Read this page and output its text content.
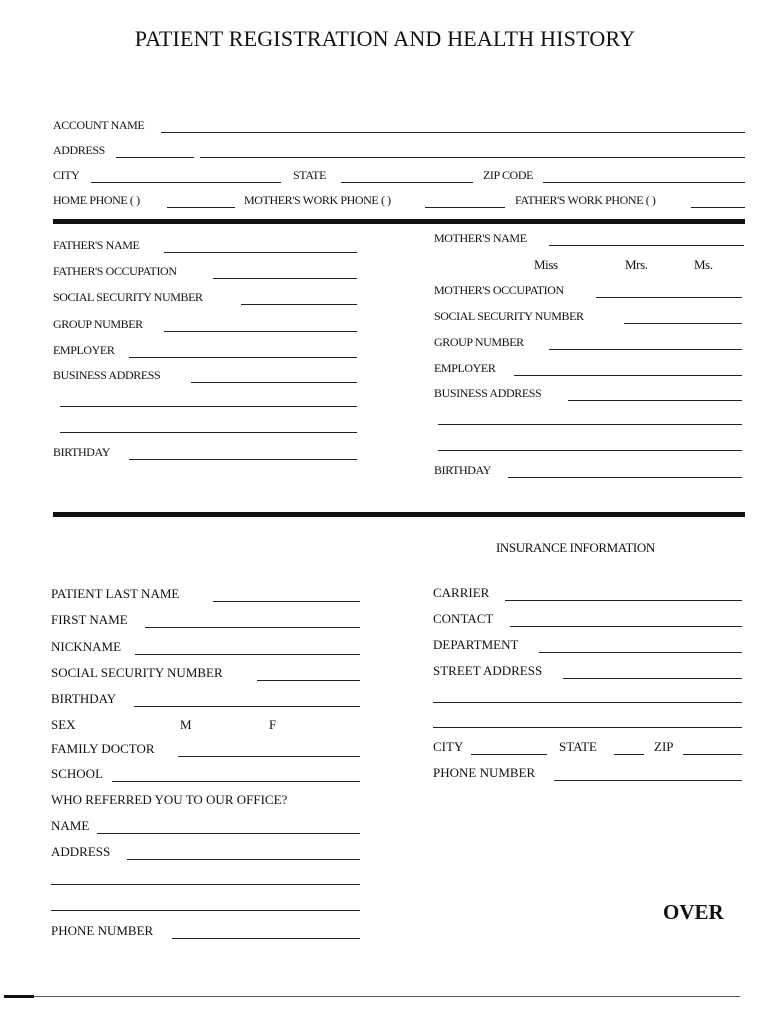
PATIENT REGISTRATION AND HEALTH HISTORY
ACCOUNT NAME
ADDRESS
CITY	STATE	ZIP CODE
HOME PHONE ( )	MOTHER'S WORK PHONE ( )	FATHER'S WORK PHONE ( )
FATHER'S NAME
FATHER'S OCCUPATION
SOCIAL SECURITY NUMBER
GROUP NUMBER
EMPLOYER
BUSINESS ADDRESS
BIRTHDAY
MOTHER'S NAME
Miss	Mrs.	Ms.
MOTHER'S OCCUPATION
SOCIAL SECURITY NUMBER
GROUP NUMBER
EMPLOYER
BUSINESS ADDRESS
BIRTHDAY
INSURANCE INFORMATION
PATIENT LAST NAME
FIRST NAME
NICKNAME
SOCIAL SECURITY NUMBER
BIRTHDAY
SEX	M	F
FAMILY DOCTOR
SCHOOL
WHO REFERRED YOU TO OUR OFFICE?
NAME
ADDRESS
PHONE NUMBER
CARRIER
CONTACT
DEPARTMENT
STREET ADDRESS
CITY	STATE	ZIP
PHONE NUMBER
OVER
